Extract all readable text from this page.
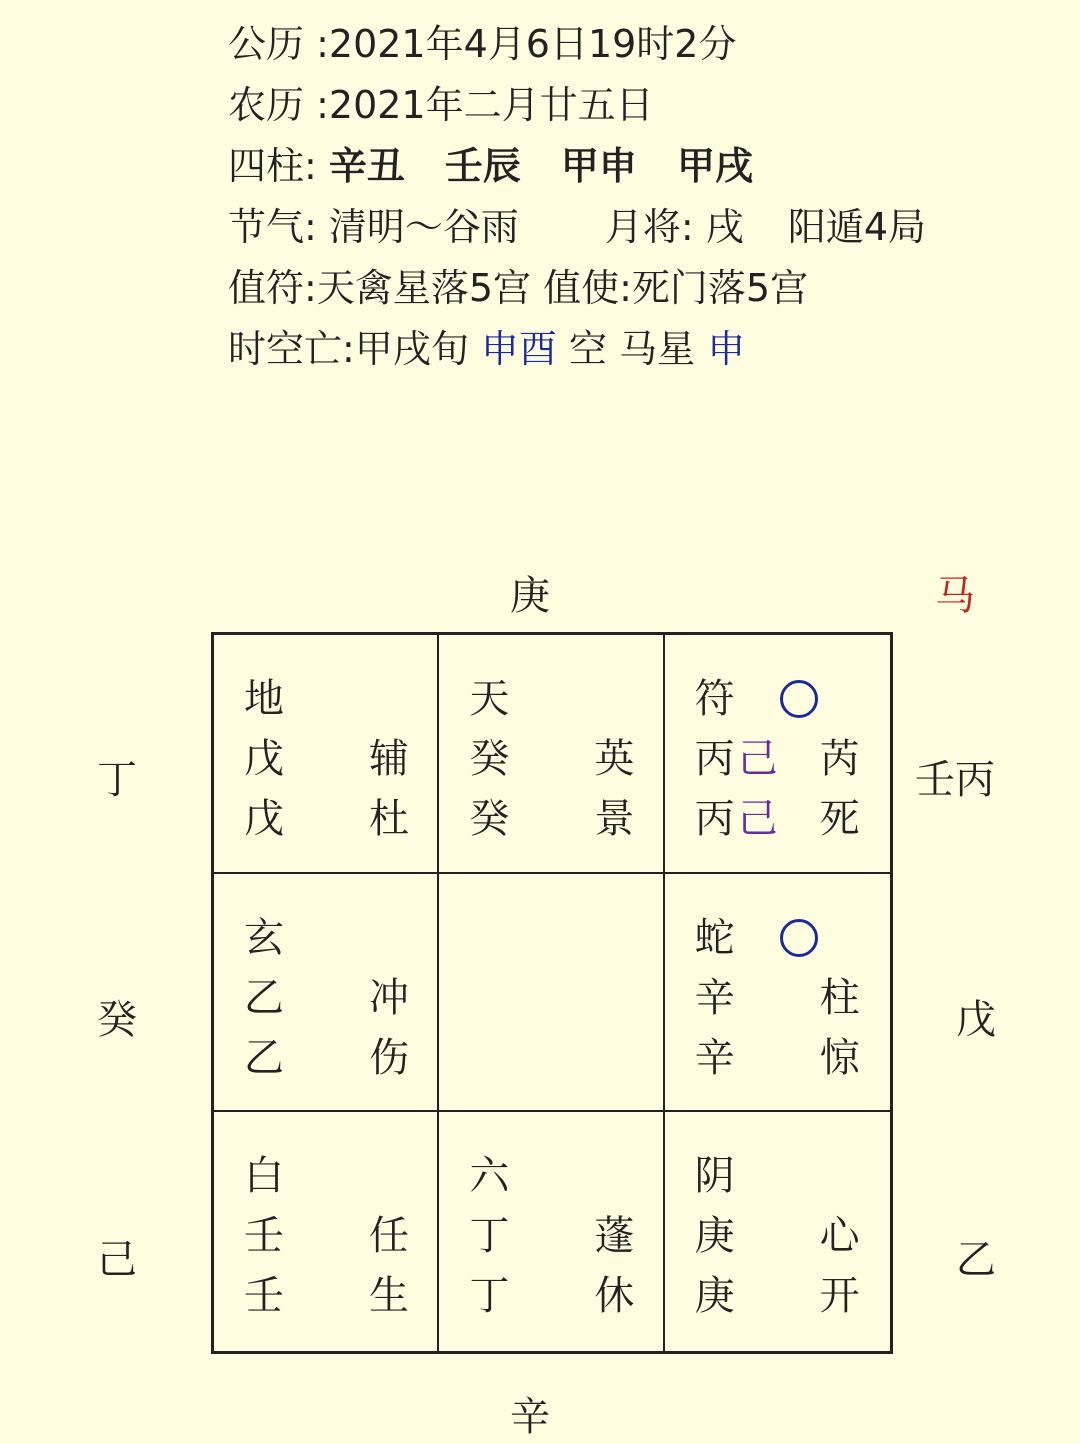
公历 :2021年4月6日19时2分
农历 :2021年二月廿五日
四柱: 辛丑 壬辰 甲申 甲戌
节气: 清明～谷雨 月将: 戌 阳遁4局
值符:天禽星落5宫 值使:死门落5宫
时空亡:甲戌旬 申酉 空 马星 申
庚	马
丁
癸
己
壬丙
戊
乙
辛
地
戊 辅
戊 杜
天
癸 英
癸 景
符
丙 己 芮
丙 己 死
玄
乙 冲
乙 伤
蛇
辛 柱
辛 惊
白
壬 任
壬 生
六
丁 蓬
丁 休
阴
庚 心
庚 开
